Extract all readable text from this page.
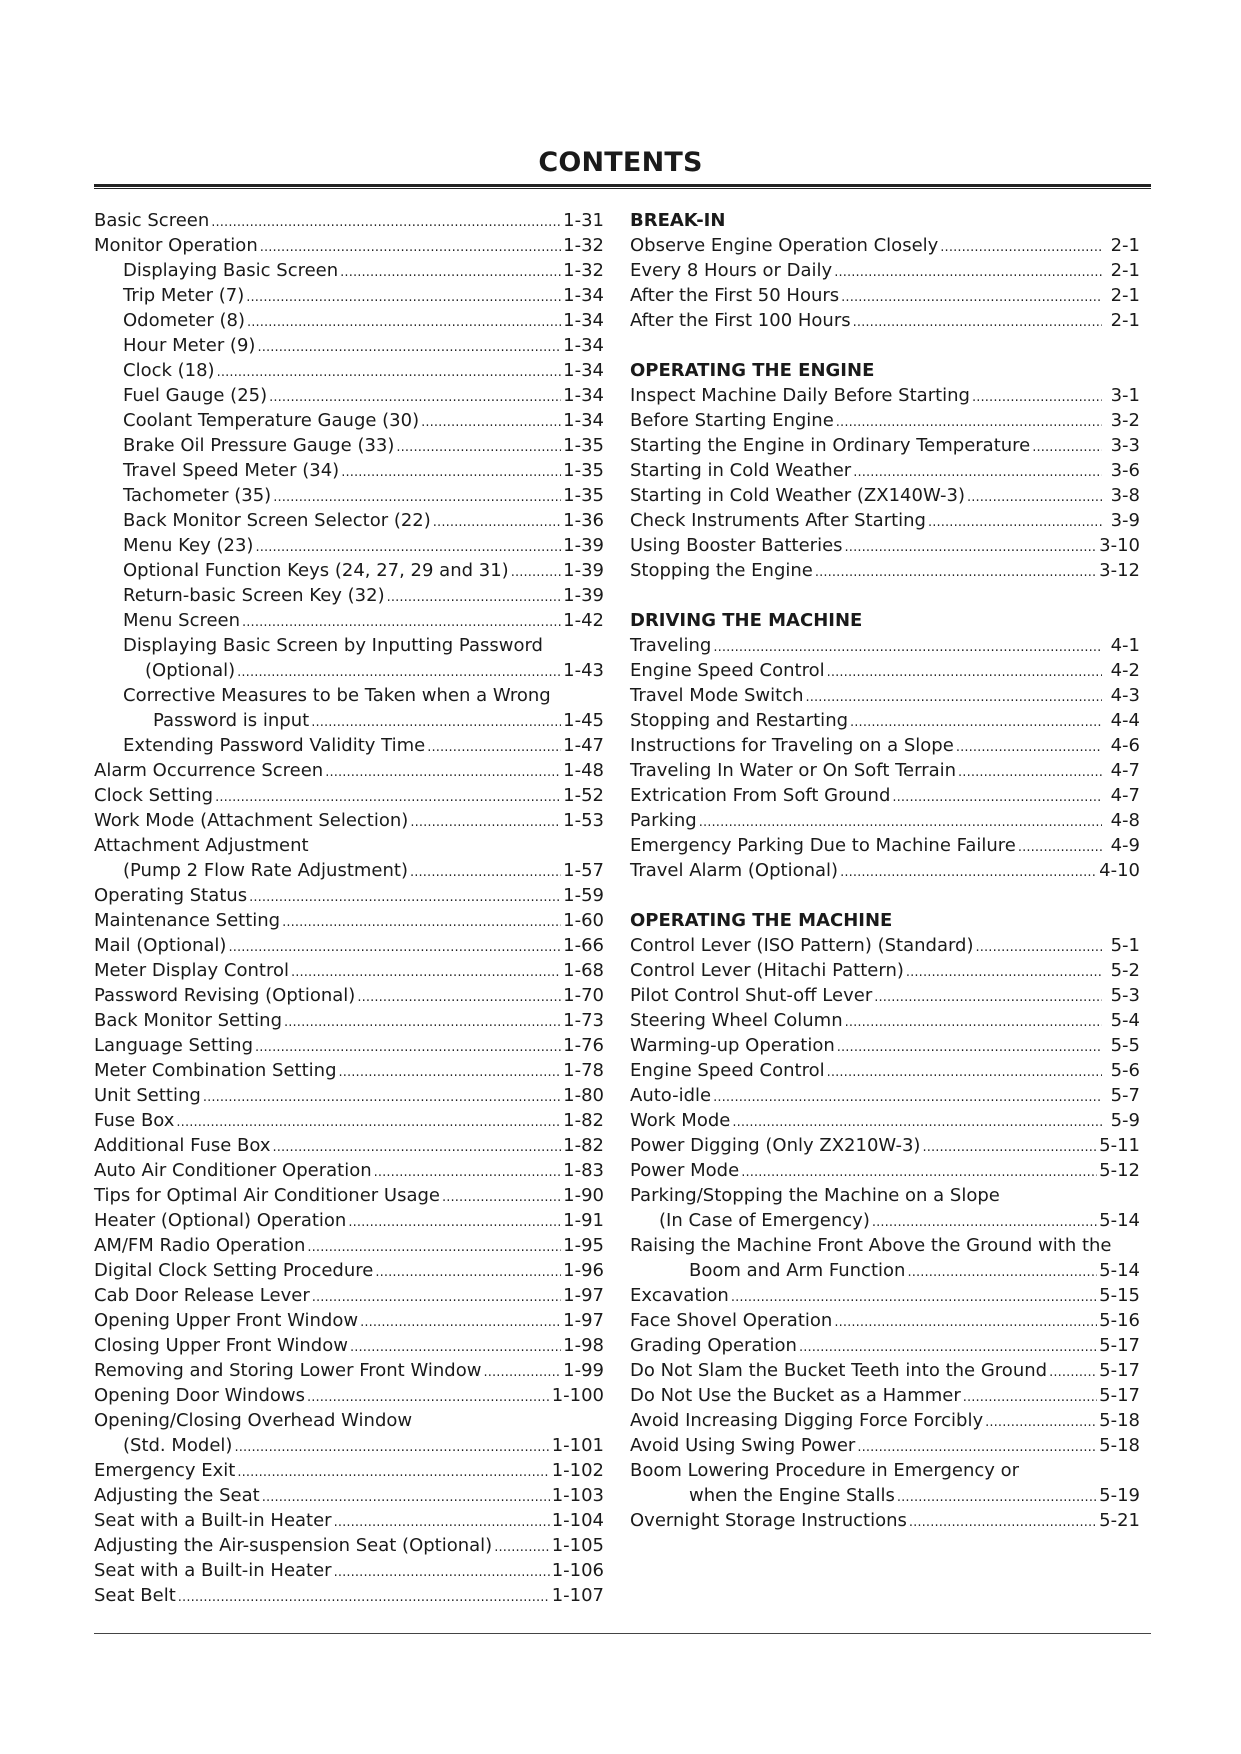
CONTENTS
Basic Screen . . .	1-31
Monitor Operation . . .	1-32
Displaying Basic Screen . . .	1-32
Trip Meter (7) . . .	1-34
Odometer (8) . . .	1-34
Hour Meter (9) . . .	1-34
Clock (18) . . .	1-34
Fuel Gauge (25) . . .	1-34
Coolant Temperature Gauge (30) . . .	1-34
Brake Oil Pressure Gauge (33) . . .	1-35
Travel Speed Meter (34) . . .	1-35
Tachometer (35) . . .	1-35
Back Monitor Screen Selector (22) . . .	1-36
Menu Key (23) . . .	1-39
Optional Function Keys (24, 27, 29 and 31) . . .	1-39
Return-basic Screen Key (32) . . .	1-39
Menu Screen . . .	1-42
Displaying Basic Screen by Inputting Password
(Optional) . . .	1-43
Corrective Measures to be Taken when a Wrong
Password is input . . .	1-45
Extending Password Validity Time . . .	1-47
Alarm Occurrence Screen . . .	1-48
Clock Setting . . .	1-52
Work Mode (Attachment Selection) . . .	1-53
Attachment Adjustment
(Pump 2 Flow Rate Adjustment) . . .	1-57
Operating Status . . .	1-59
Maintenance Setting . . .	1-60
Mail (Optional) . . .	1-66
Meter Display Control . . .	1-68
Password Revising (Optional) . . .	1-70
Back Monitor Setting . . .	1-73
Language Setting . . .	1-76
Meter Combination Setting . . .	1-78
Unit Setting . . .	1-80
Fuse Box . . .	1-82
Additional Fuse Box . . .	1-82
Auto Air Conditioner Operation . . .	1-83
Tips for Optimal Air Conditioner Usage . . .	1-90
Heater (Optional) Operation . . .	1-91
AM/FM Radio Operation . . .	1-95
Digital Clock Setting Procedure . . .	1-96
Cab Door Release Lever . . .	1-97
Opening Upper Front Window . . .	1-97
Closing Upper Front Window . . .	1-98
Removing and Storing Lower Front Window . . .	1-99
Opening Door Windows . . .	1-100
Opening/Closing Overhead Window
(Std. Model) . . .	1-101
Emergency Exit . . .	1-102
Adjusting the Seat . . .	1-103
Seat with a Built-in Heater . . .	1-104
Adjusting the Air-suspension Seat (Optional) . . .	1-105
Seat with a Built-in Heater . . .	1-106
Seat Belt . . .	1-107
BREAK-IN
Observe Engine Operation Closely . . .	2-1
Every 8 Hours or Daily . . .	2-1
After the First 50 Hours . . .	2-1
After the First 100 Hours . . .	2-1
OPERATING THE ENGINE
Inspect Machine Daily Before Starting . . .	3-1
Before Starting Engine . . .	3-2
Starting the Engine in Ordinary Temperature . . .	3-3
Starting in Cold Weather . . .	3-6
Starting in Cold Weather (ZX140W-3) . . .	3-8
Check Instruments After Starting . . .	3-9
Using Booster Batteries . . .	3-10
Stopping the Engine . . .	3-12
DRIVING THE MACHINE
Traveling . . .	4-1
Engine Speed Control . . .	4-2
Travel Mode Switch . . .	4-3
Stopping and Restarting . . .	4-4
Instructions for Traveling on a Slope . . .	4-6
Traveling In Water or On Soft Terrain . . .	4-7
Extrication From Soft Ground . . .	4-7
Parking . . .	4-8
Emergency Parking Due to Machine Failure . . .	4-9
Travel Alarm (Optional) . . .	4-10
OPERATING THE MACHINE
Control Lever (ISO Pattern) (Standard) . . .	5-1
Control Lever (Hitachi Pattern) . . .	5-2
Pilot Control Shut-off Lever . . .	5-3
Steering Wheel Column . . .	5-4
Warming-up Operation . . .	5-5
Engine Speed Control . . .	5-6
Auto-idle . . .	5-7
Work Mode . . .	5-9
Power Digging (Only ZX210W-3) . . .	5-11
Power Mode . . .	5-12
Parking/Stopping the Machine on a Slope
(In Case of Emergency) . . .	5-14
Raising the Machine Front Above the Ground with the
Boom and Arm Function . . .	5-14
Excavation . . .	5-15
Face Shovel Operation . . .	5-16
Grading Operation . . .	5-17
Do Not Slam the Bucket Teeth into the Ground . . .	5-17
Do Not Use the Bucket as a Hammer . . .	5-17
Avoid Increasing Digging Force Forcibly . . .	5-18
Avoid Using Swing Power . . .	5-18
Boom Lowering Procedure in Emergency or
when the Engine Stalls . . .	5-19
Overnight Storage Instructions . . .	5-21
